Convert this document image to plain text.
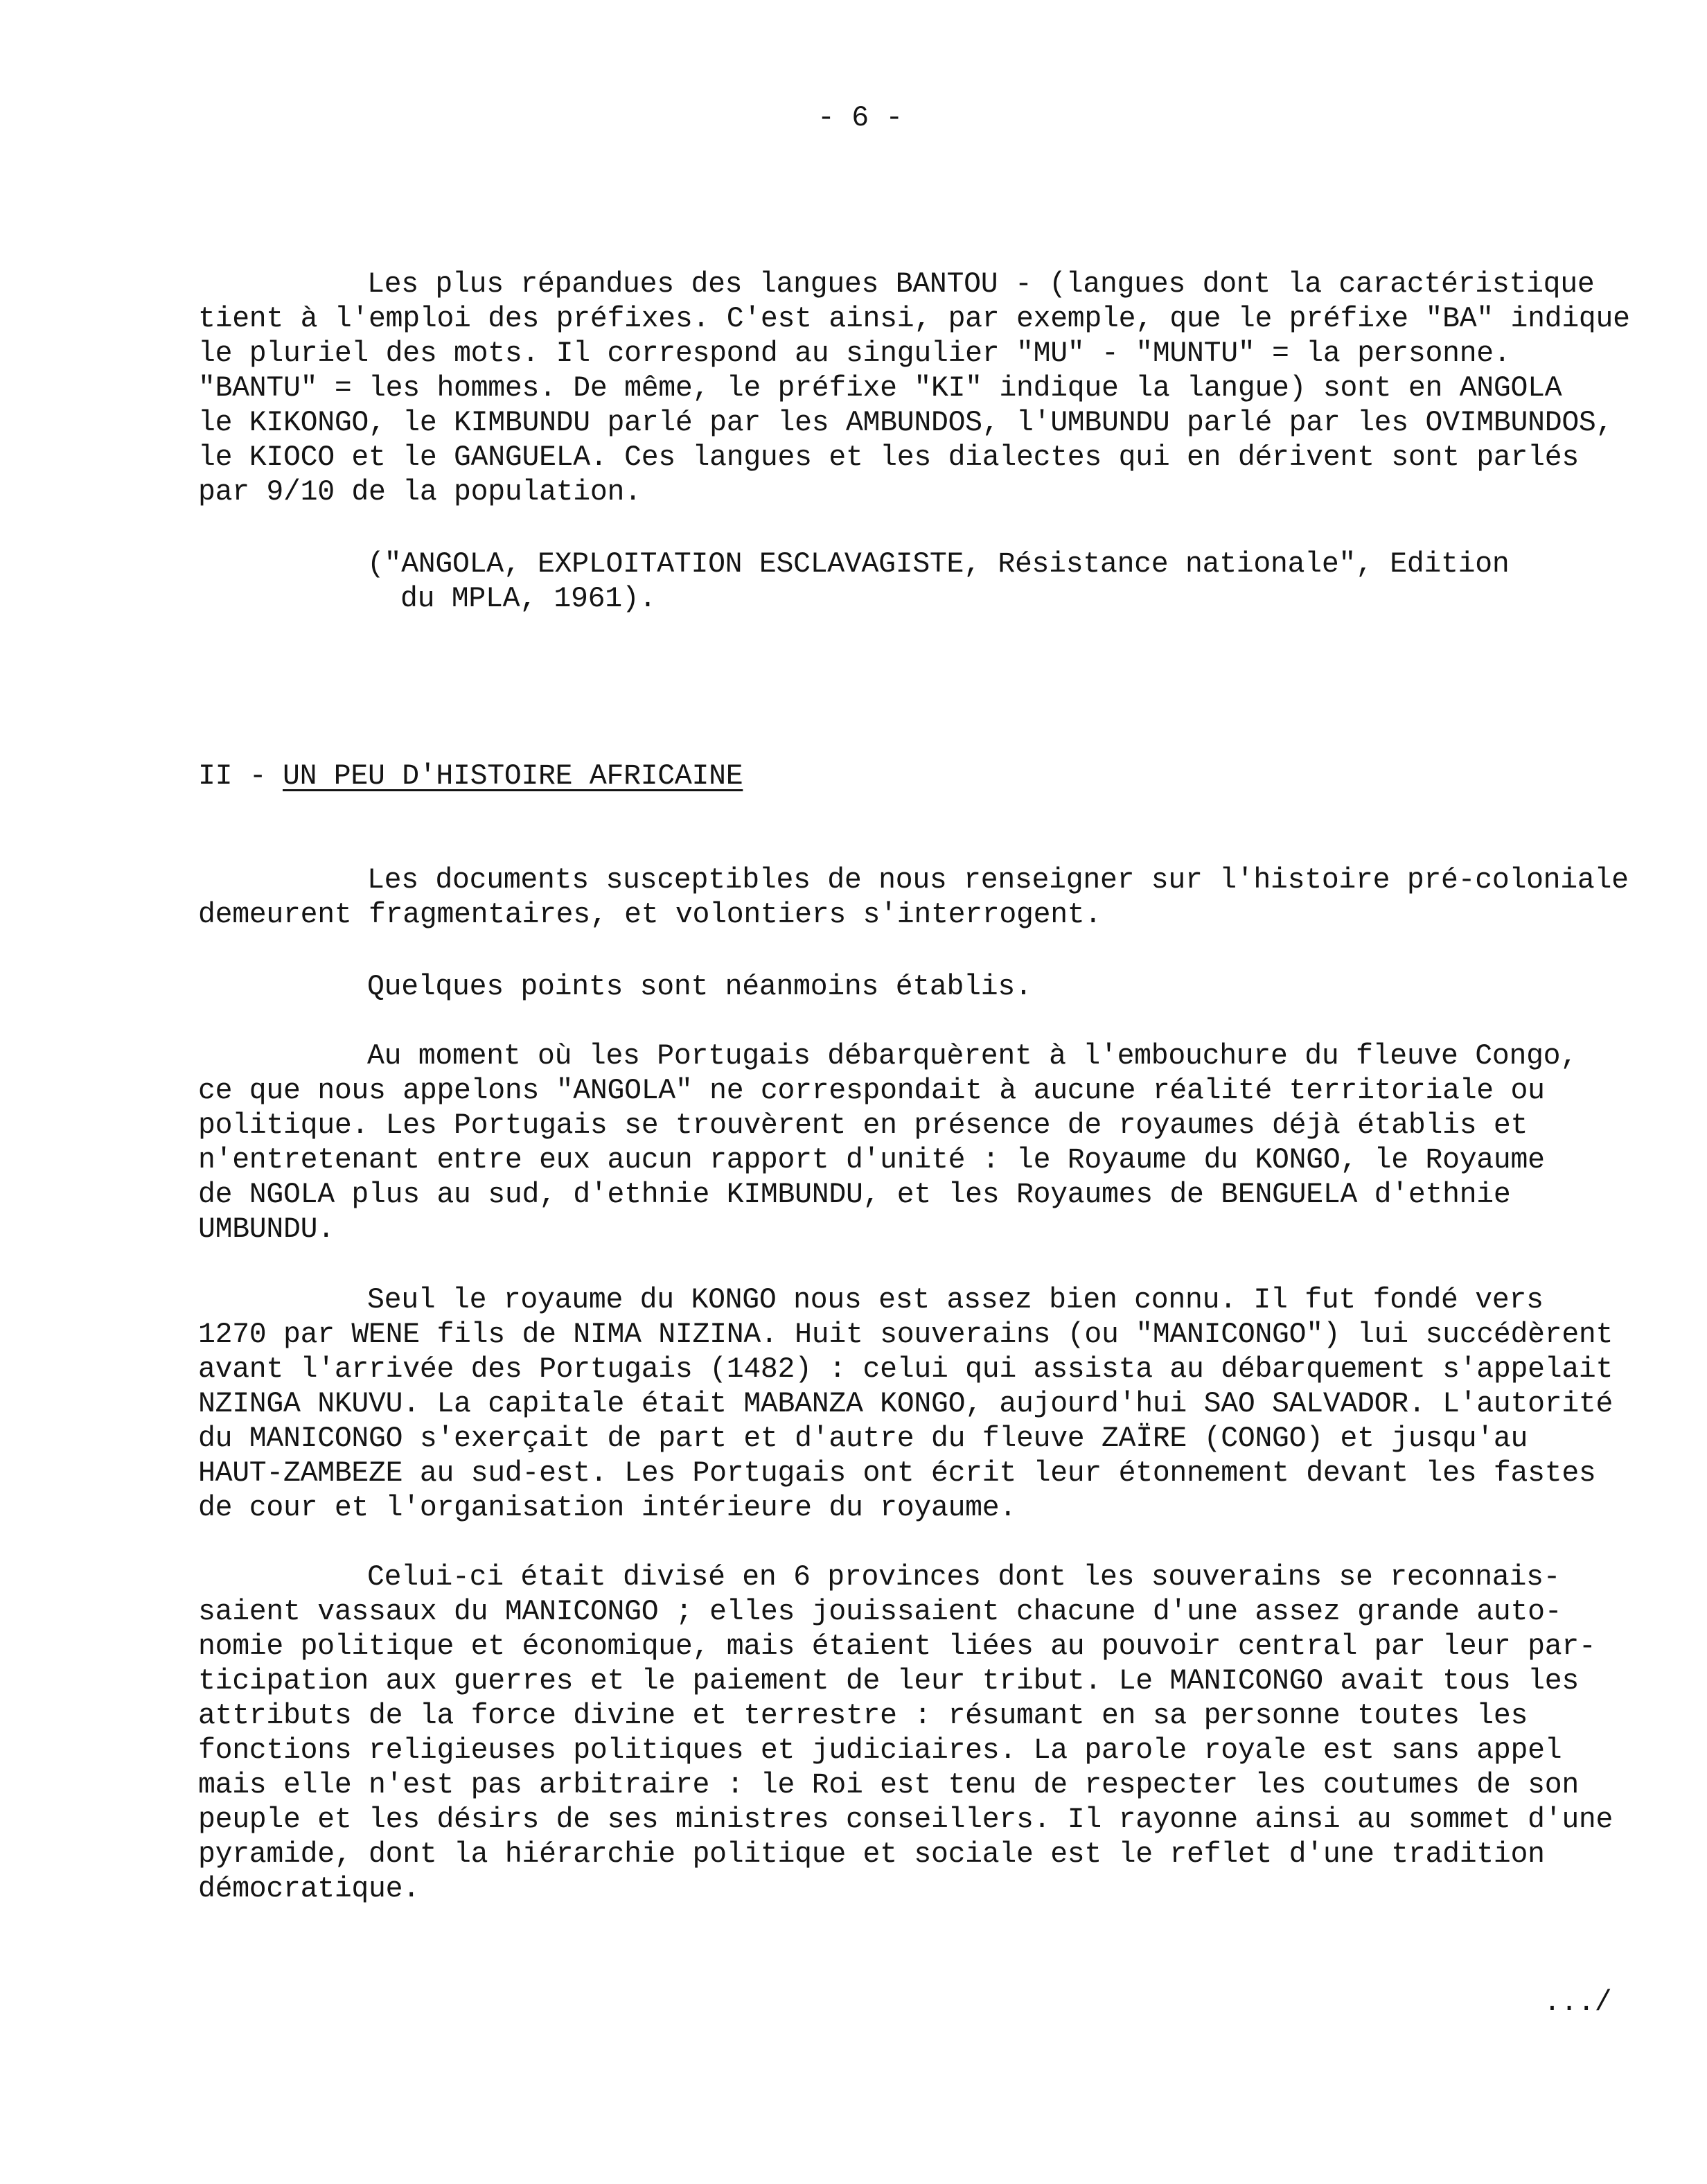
- 6 -
Les plus répandues des langues BANTOU - (langues dont la caractéristique
tient à l'emploi des préfixes. C'est ainsi, par exemple, que le préfixe "BA" indique
le pluriel des mots. Il correspond au singulier "MU" - "MUNTU" = la personne.
"BANTU" = les hommes. De même, le préfixe "KI" indique la langue) sont en ANGOLA
le KIKONGO, le KIMBUNDU parlé par les AMBUNDOS, l'UMBUNDU parlé par les OVIMBUNDOS,
le KIOCO et le GANGUELA. Ces langues et les dialectes qui en dérivent sont parlés
par 9/10 de la population.
("ANGOLA, EXPLOITATION ESCLAVAGISTE, Résistance nationale", Edition
du MPLA, 1961).
II - UN PEU D'HISTOIRE AFRICAINE
Les documents susceptibles de nous renseigner sur l'histoire pré-coloniale
demeurent fragmentaires, et volontiers s'interrogent.
Quelques points sont néanmoins établis.
Au moment où les Portugais débarquèrent à l'embouchure du fleuve Congo,
ce que nous appelons "ANGOLA" ne correspondait à aucune réalité territoriale ou
politique. Les Portugais se trouvèrent en présence de royaumes déjà établis et
n'entretenant entre eux aucun rapport d'unité : le Royaume du KONGO, le Royaume
de NGOLA plus au sud, d'ethnie KIMBUNDU, et les Royaumes de BENGUELA d'ethnie
UMBUNDU.
Seul le royaume du KONGO nous est assez bien connu. Il fut fondé vers
1270 par WENE fils de NIMA NIZINA. Huit souverains (ou "MANICONGO") lui succédèrent
avant l'arrivée des Portugais (1482) : celui qui assista au débarquement s'appelait
NZINGA NKUVU. La capitale était MABANZA KONGO, aujourd'hui SAO SALVADOR. L'autorité
du MANICONGO s'exerçait de part et d'autre du fleuve ZAÏRE (CONGO) et jusqu'au
HAUT-ZAMBEZE au sud-est. Les Portugais ont écrit leur étonnement devant les fastes
de cour et l'organisation intérieure du royaume.
Celui-ci était divisé en 6 provinces dont les souverains se reconnais-
saient vassaux du MANICONGO ; elles jouissaient chacune d'une assez grande auto-
nomie politique et économique, mais étaient liées au pouvoir central par leur par-
ticipation aux guerres et le paiement de leur tribut. Le MANICONGO avait tous les
attributs de la force divine et terrestre : résumant en sa personne toutes les
fonctions religieuses politiques et judiciaires. La parole royale est sans appel
mais elle n'est pas arbitraire : le Roi est tenu de respecter les coutumes de son
peuple et les désirs de ses ministres conseillers. Il rayonne ainsi au sommet d'une
pyramide, dont la hiérarchie politique et sociale est le reflet d'une tradition
démocratique.
.../
